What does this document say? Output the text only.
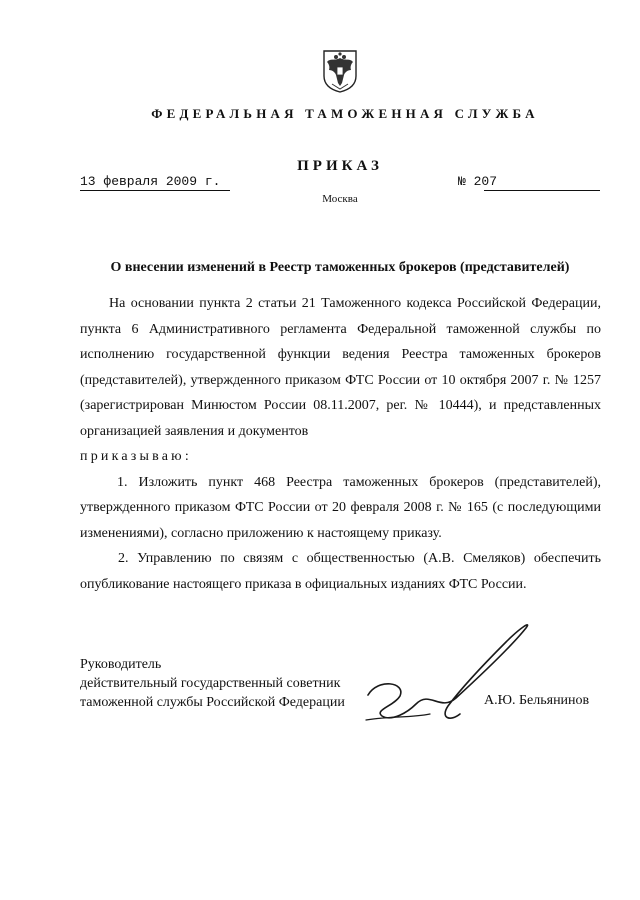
ФЕДЕРАЛЬНАЯ ТАМОЖЕННАЯ СЛУЖБА
ПРИКАЗ
13 февраля 2009 г.	№ 207
Москва
О внесении изменений в Реестр таможенных брокеров (представителей)

На основании пункта 2 статьи 21 Таможенного кодекса Российской Федерации, пункта 6 Административного регламента Федеральной таможенной службы по исполнению государственной функции ведения Реестра таможенных брокеров (представителей), утвержденного приказом ФТС России от 10 октября 2007 г. № 1257 (зарегистрирован Минюстом России 08.11.2007, рег. № 10444), и представленных организацией заявления и документов

приказываю:

1. Изложить пункт 468 Реестра таможенных брокеров (представителей), утвержденного приказом ФТС России от 20 февраля 2008 г. № 165 (с последующими изменениями), согласно приложению к настоящему приказу.

2. Управлению по связям с общественностью (А.В. Смеляков) обеспечить опубликование настоящего приказа в официальных изданиях ФТС России.

Руководитель
действительный государственный советник
таможенной службы Российской Федерации	А.Ю. Бельянинов
